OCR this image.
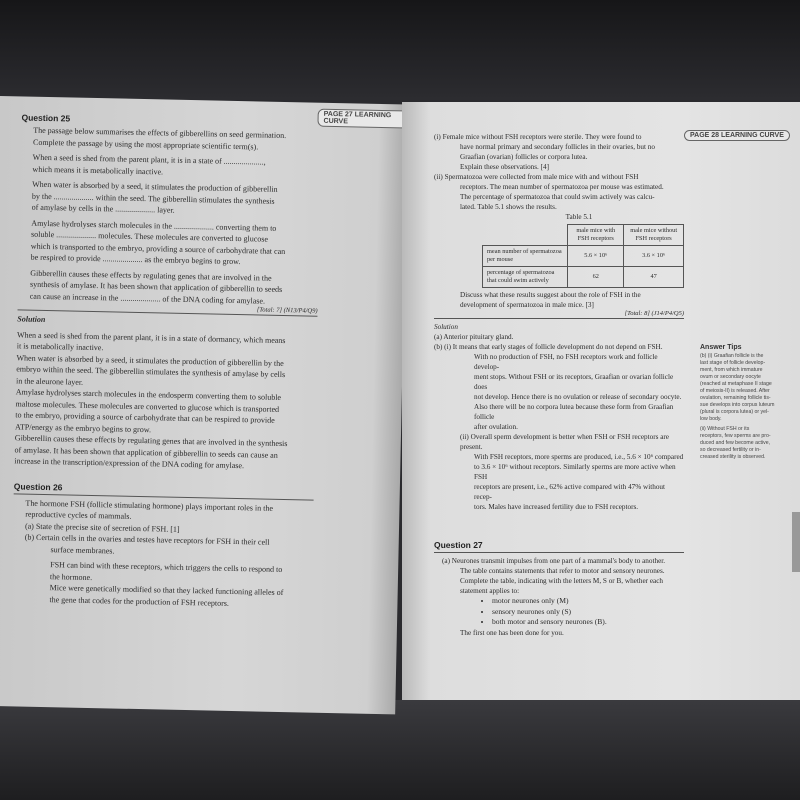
PAGE 27 LEARNING CURVE

Question 25

The passage below summarises the effects of gibberellins on seed germination.

Complete the passage by using the most appropriate scientific term(s).

When a seed is shed from the parent plant, it is in a state of ....................,

which means it is metabolically inactive.

When water is absorbed by a seed, it stimulates the production of gibberellin

by the .................... within the seed. The gibberellin stimulates the synthesis

of amylase by cells in the .................... layer.

Amylase hydrolyses starch molecules in the .................... converting them to

soluble .................... molecules. These molecules are converted to glucose

which is transported to the embryo, providing a source of carbohydrate that can

be respired to provide .................... as the embryo begins to grow.

Gibberellin causes these effects by regulating genes that are involved in the

synthesis of amylase. It has been shown that application of gibberellin to seeds

can cause an increase in the .................... of the DNA coding for amylase.

[Total: 7] (N13/P4/Q9)

Solution

When a seed is shed from the parent plant, it is in a state of dormancy, which means

it is metabolically inactive.

When water is absorbed by a seed, it stimulates the production of gibberellin by the

embryo within the seed. The gibberellin stimulates the synthesis of amylase by cells

in the aleurone layer.

Amylase hydrolyses starch molecules in the endosperm converting them to soluble

maltose molecules. These molecules are converted to glucose which is transported

to the embryo, providing a source of carbohydrate that can be respired to provide

ATP/energy as the embryo begins to grow.

Gibberellin causes these effects by regulating genes that are involved in the synthesis

of amylase. It has been shown that application of gibberellin to seeds can cause an

increase in the transcription/expression of the DNA coding for amylase.

Question 26

The hormone FSH (follicle stimulating hormone) plays important roles in the

reproductive cycles of mammals.

(a) State the precise site of secretion of FSH. [1]

(b) Certain cells in the ovaries and testes have receptors for FSH in their cell

surface membranes.

FSH can bind with these receptors, which triggers the cells to respond to

the hormone.

Mice were genetically modified so that they lacked functioning alleles of

the gene that codes for the production of FSH receptors.

PAGE 28 LEARNING CURVE

(i) Female mice without FSH receptors were sterile. They were found to

have normal primary and secondary follicles in their ovaries, but no

Graafian (ovarian) follicles or corpora lutea.

Explain these observations. [4]

(ii) Spermatozoa were collected from male mice with and without FSH

receptors. The mean number of spermatozoa per mouse was estimated.

The percentage of spermatozoa that could swim actively was calcu-

lated. Table 5.1 shows the results.

Table 5.1

	male mice with FSH receptors	male mice without FSH receptors
mean number of spermatozoa per mouse	5.6 × 10⁶	3.6 × 10⁶
percentage of spermatozoa that could swim actively	62	47

Discuss what these results suggest about the role of FSH in the

development of spermatozoa in male mice. [3]

[Total: 8] (J14/P4/Q5)

Solution

(a) Anterior pituitary gland.

(b) (i) It means that early stages of follicle development do not depend on FSH.

With no production of FSH, no FSH receptors work and follicle develop-

ment stops. Without FSH or its receptors, Graafian or ovarian follicle does

not develop. Hence there is no ovulation or release of secondary oocyte.

Also there will be no corpora lutea because these form from Graafian follicle

after ovulation.

(ii) Overall sperm development is better when FSH or FSH receptors are present.

With FSH receptors, more sperms are produced, i.e., 5.6 × 10⁶ compared

to 3.6 × 10⁶ without receptors. Similarly sperms are more active when FSH

receptors are present, i.e., 62% active compared with 47% without recep-

tors. Males have increased fertility due to FSH receptors.

Question 27

(a) Neurones transmit impulses from one part of a mammal's body to another.

The table contains statements that refer to motor and sensory neurones.

Complete the table, indicating with the letters M, S or B, whether each

statement applies to:

• motor neurones only (M)
• sensory neurones only (S)
• both motor and sensory neurones (B).

The first one has been done for you.

Answer Tips
(b) (i) Graafian follicle is the
last stage of follicle develop-
ment, from which immature
ovum or secondary oocyte
(reached at metaphase II stage
of meiosis-II) is released. After
ovulation, remaining follicle tis-
sue develops into corpus luteum
(plural is corpora lutea) or yel-
low body.
(ii) Without FSH or its
receptors, few sperms are pro-
duced and few become active,
so decreased fertility or in-
creased sterility is observed.
